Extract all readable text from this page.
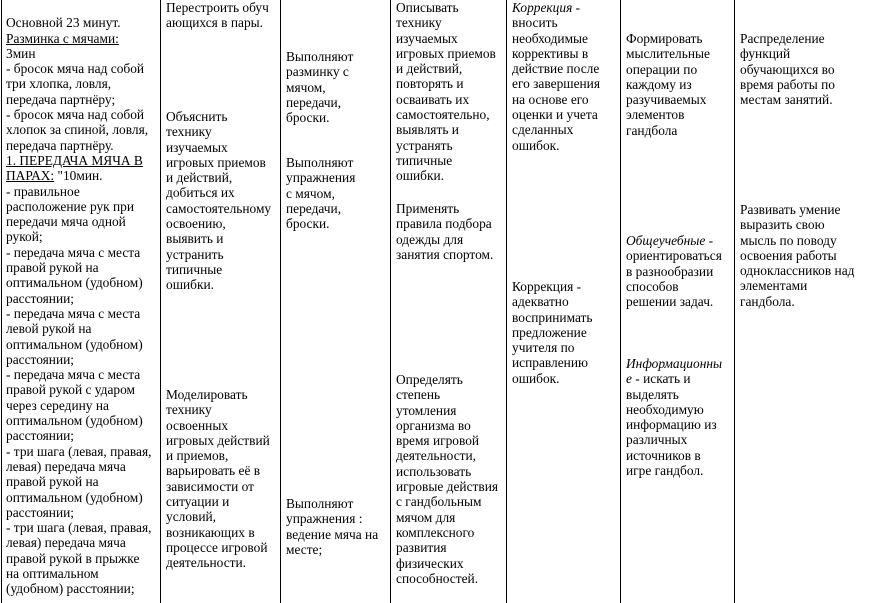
Основной 23 минут.
Разминка с мячами:
3мин
- бросок мяча над собой
три хлопка, ловля,
передача партнёру;
- бросок мяча над собой
хлопок за спиной, ловля,
передача партнёру.
1. ПЕРЕДАЧА МЯЧА В
ПАРАХ: "10мин.
- правильное
расположение рук при
передачи мяча одной
рукой;
- передача мяча с места
правой рукой на
оптимальном (удобном)
расстоянии;
- передача мяча с места
левой рукой на
оптимальном (удобном)
расстоянии;
- передача мяча с места
правой рукой с ударом
через середину на
оптимальном (удобном)
расстоянии;
- три шага (левая, правая,
левая) передача мяча
правой рукой на
оптимальном (удобном)
расстоянии;
- три шага (левая, правая,
левая) передача мяча
правой рукой в прыжке
на оптимальном
(удобном) расстоянии;

Перестроить обуч
ающихся в пары.
Объяснить
технику
изучаемых
игровых приемов
и действий,
добиться их
самостоятельному
освоению,
выявить и
устранить
типичные
ошибки.
Моделировать
технику
освоенных
игровых действий
и приемов,
варьировать её в
зависимости от
ситуации и
условий,
возникающих в
процессе игровой
деятельности.
Выполняют
разминку с
мячом,
передачи,
броски.
Выполняют
упражнения
с мячом,
передачи,
броски.
Выполняют
упражнения :
ведение мяча на
месте;
Описывать
технику
изучаемых
игровых приемов
и действий,
повторять и
осваивать их
самостоятельно,
выявлять и
устранять
типичные
ошибки.
Применять
правила подбора
одежды для
занятия спортом.
Определять
степень
утомления
организма во
время игровой
деятельности,
использовать
игровые действия
с гандбольным
мячом для
комплексного
развития
физических
способностей.
Коррекция -
вносить
необходимые
коррективы в
действие после
его завершения
на основе его
оценки и учета
сделанных
ошибок.
Коррекция -
адекватно
воспринимать
предложение
учителя по
исправлению
ошибок.
Формировать
мыслительные
операции по
каждому из
разучиваемых
элементов
гандбола
Общеучебные -
ориентироваться
в разнообразии
способов
решении задач.
Информационны
е - искать и
выделять
необходимую
информацию из
различных
источников в
игре гандбол.
Распределение
функций
обучающихся во
время работы по
местам занятий.
Развивать умение
выразить свою
мысль по поводу
освоения работы
одноклассников над
элементами
гандбола.
